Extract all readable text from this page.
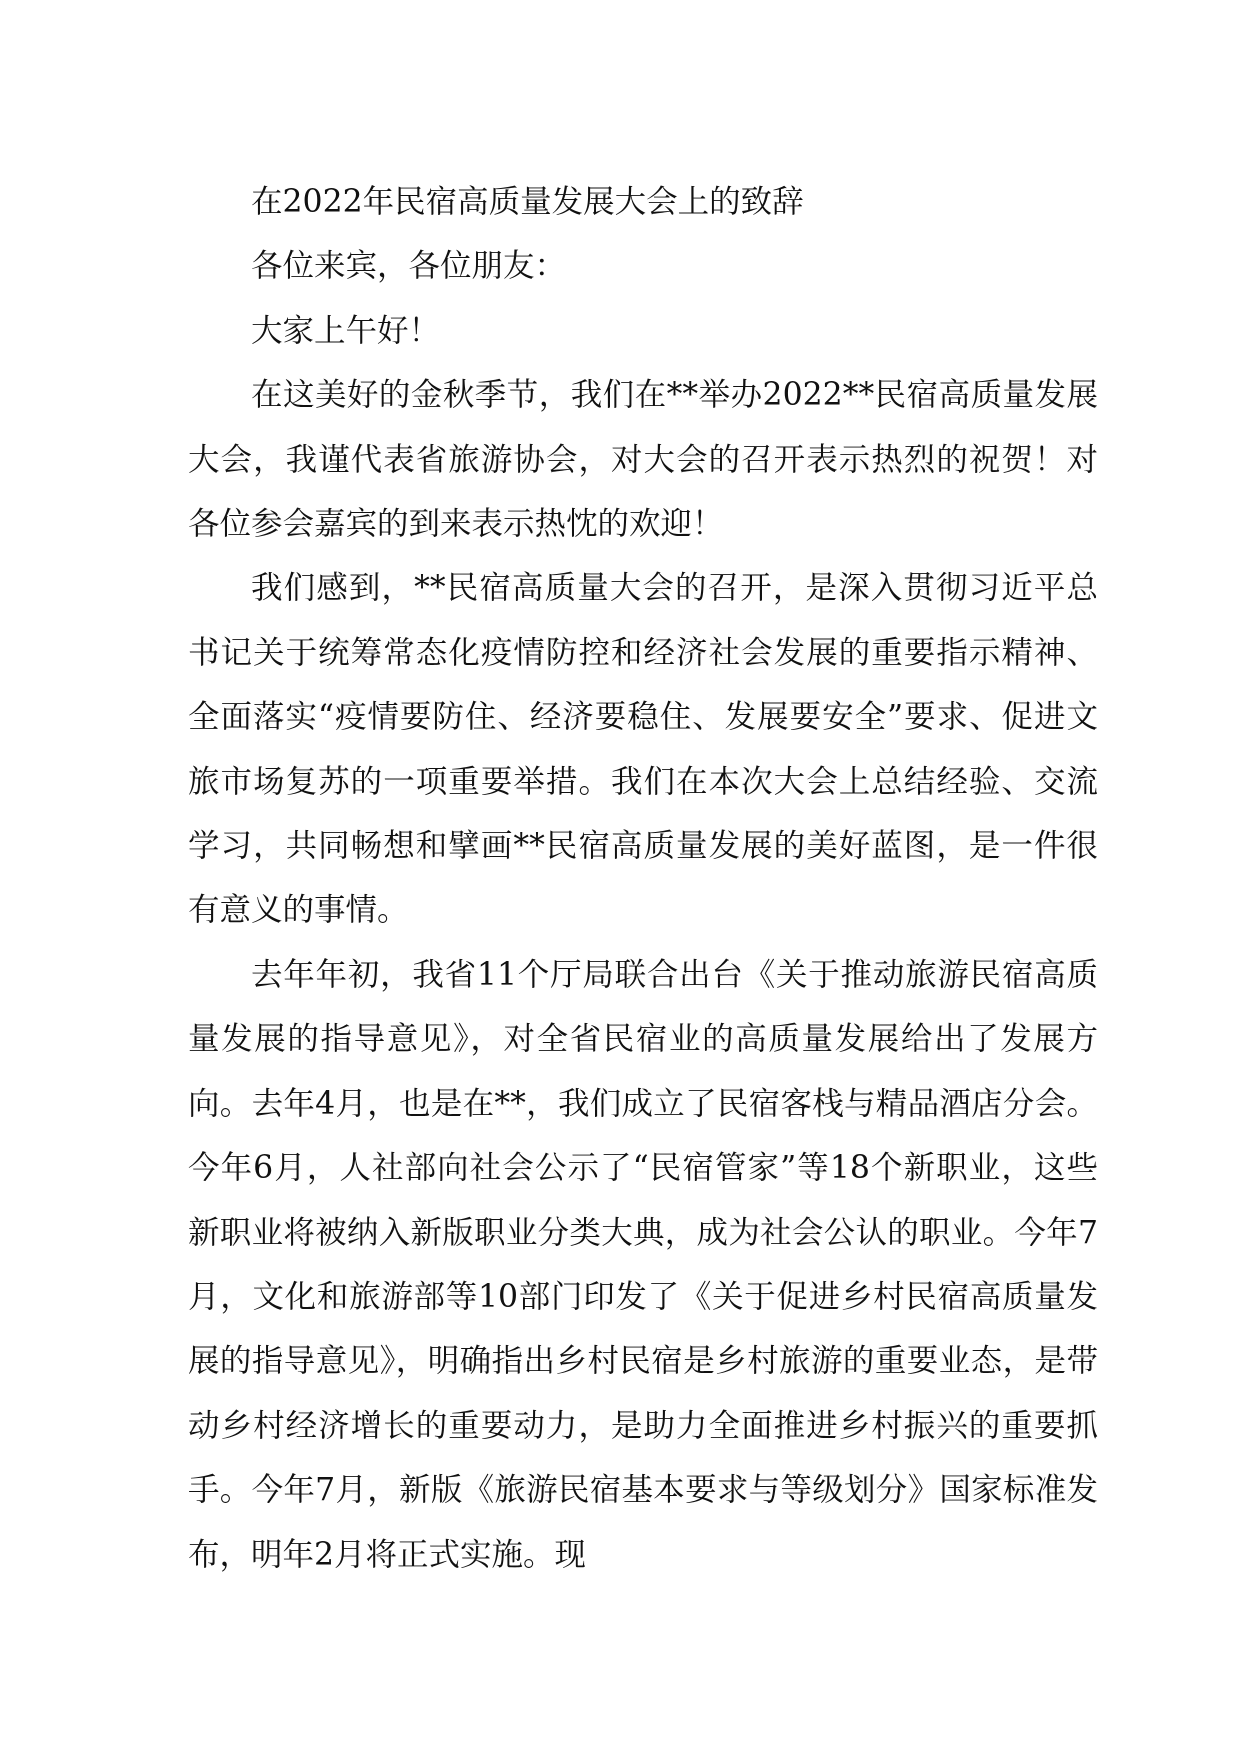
在2022年民宿高质量发展大会上的致辞

各位来宾，各位朋友：

大家上午好！

在这美好的金秋季节，我们在**举办2022**民宿高质量发展大会，我谨代表省旅游协会，对大会的召开表示热烈的祝贺！对各位参会嘉宾的到来表示热忱的欢迎！

我们感到，**民宿高质量大会的召开，是深入贯彻习近平总书记关于统筹常态化疫情防控和经济社会发展的重要指示精神、全面落实“疫情要防住、经济要稳住、发展要安全”要求、促进文旅市场复苏的一项重要举措。我们在本次大会上总结经验、交流学习，共同畅想和擘画**民宿高质量发展的美好蓝图，是一件很有意义的事情。

去年年初，我省11个厅局联合出台《关于推动旅游民宿高质量发展的指导意见》，对全省民宿业的高质量发展给出了发展方向。去年4月，也是在**，我们成立了民宿客栈与精品酒店分会。今年6月，人社部向社会公示了“民宿管家”等18个新职业，这些新职业将被纳入新版职业分类大典，成为社会公认的职业。今年7月，文化和旅游部等10部门印发了《关于促进乡村民宿高质量发展的指导意见》，明确指出乡村民宿是乡村旅游的重要业态，是带动乡村经济增长的重要动力，是助力全面推进乡村振兴的重要抓手。今年7月，新版《旅游民宿基本要求与等级划分》国家标准发布，明年2月将正式实施。现
